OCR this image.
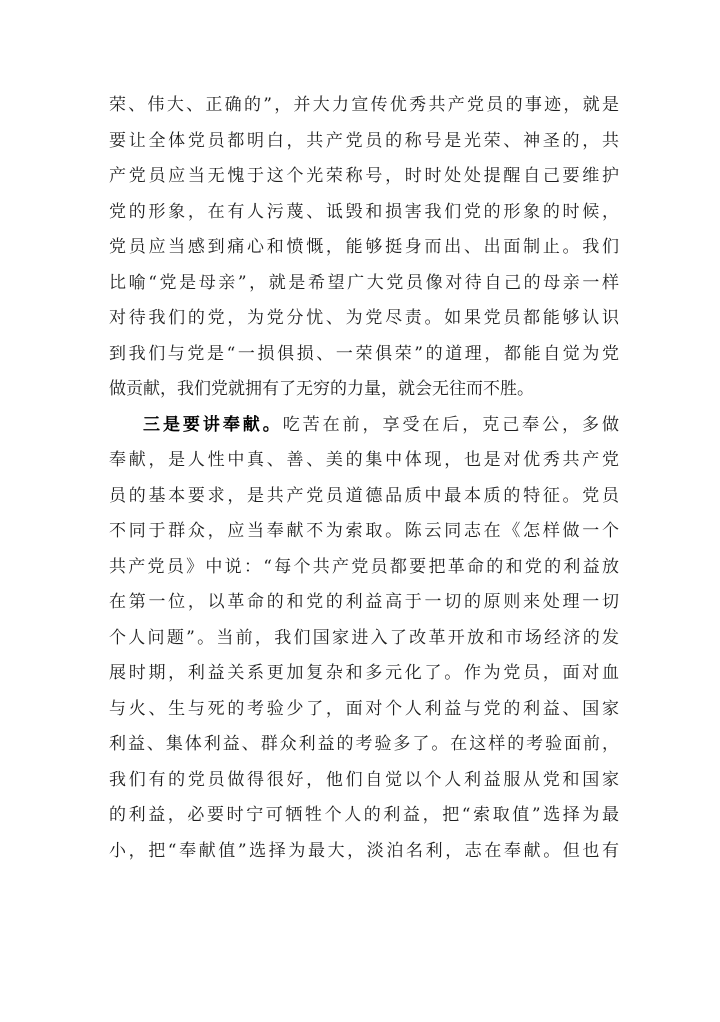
荣、伟大、正确的”，并大力宣传优秀共产党员的事迹，就是
要让全体党员都明白，共产党员的称号是光荣、神圣的，共
产党员应当无愧于这个光荣称号，时时处处提醒自己要维护
党的形象，在有人污蔑、诋毁和损害我们党的形象的时候，
党员应当感到痛心和愤慨，能够挺身而出、出面制止。我们
比喻“党是母亲”，就是希望广大党员像对待自己的母亲一样
对待我们的党，为党分忧、为党尽责。如果党员都能够认识
到我们与党是“一损俱损、一荣俱荣”的道理，都能自觉为党
做贡献，我们党就拥有了无穷的力量，就会无往而不胜。
三是要讲奉献。吃苦在前，享受在后，克己奉公，多做
奉献，是人性中真、善、美的集中体现，也是对优秀共产党
员的基本要求，是共产党员道德品质中最本质的特征。党员
不同于群众，应当奉献不为索取。陈云同志在《怎样做一个
共产党员》中说：“每个共产党员都要把革命的和党的利益放
在第一位，以革命的和党的利益高于一切的原则来处理一切
个人问题”。当前，我们国家进入了改革开放和市场经济的发
展时期，利益关系更加复杂和多元化了。作为党员，面对血
与火、生与死的考验少了，面对个人利益与党的利益、国家
利益、集体利益、群众利益的考验多了。在这样的考验面前，
我们有的党员做得很好，他们自觉以个人利益服从党和国家
的利益，必要时宁可牺牲个人的利益，把“索取值”选择为最
小，把“奉献值”选择为最大，淡泊名利，志在奉献。但也有
